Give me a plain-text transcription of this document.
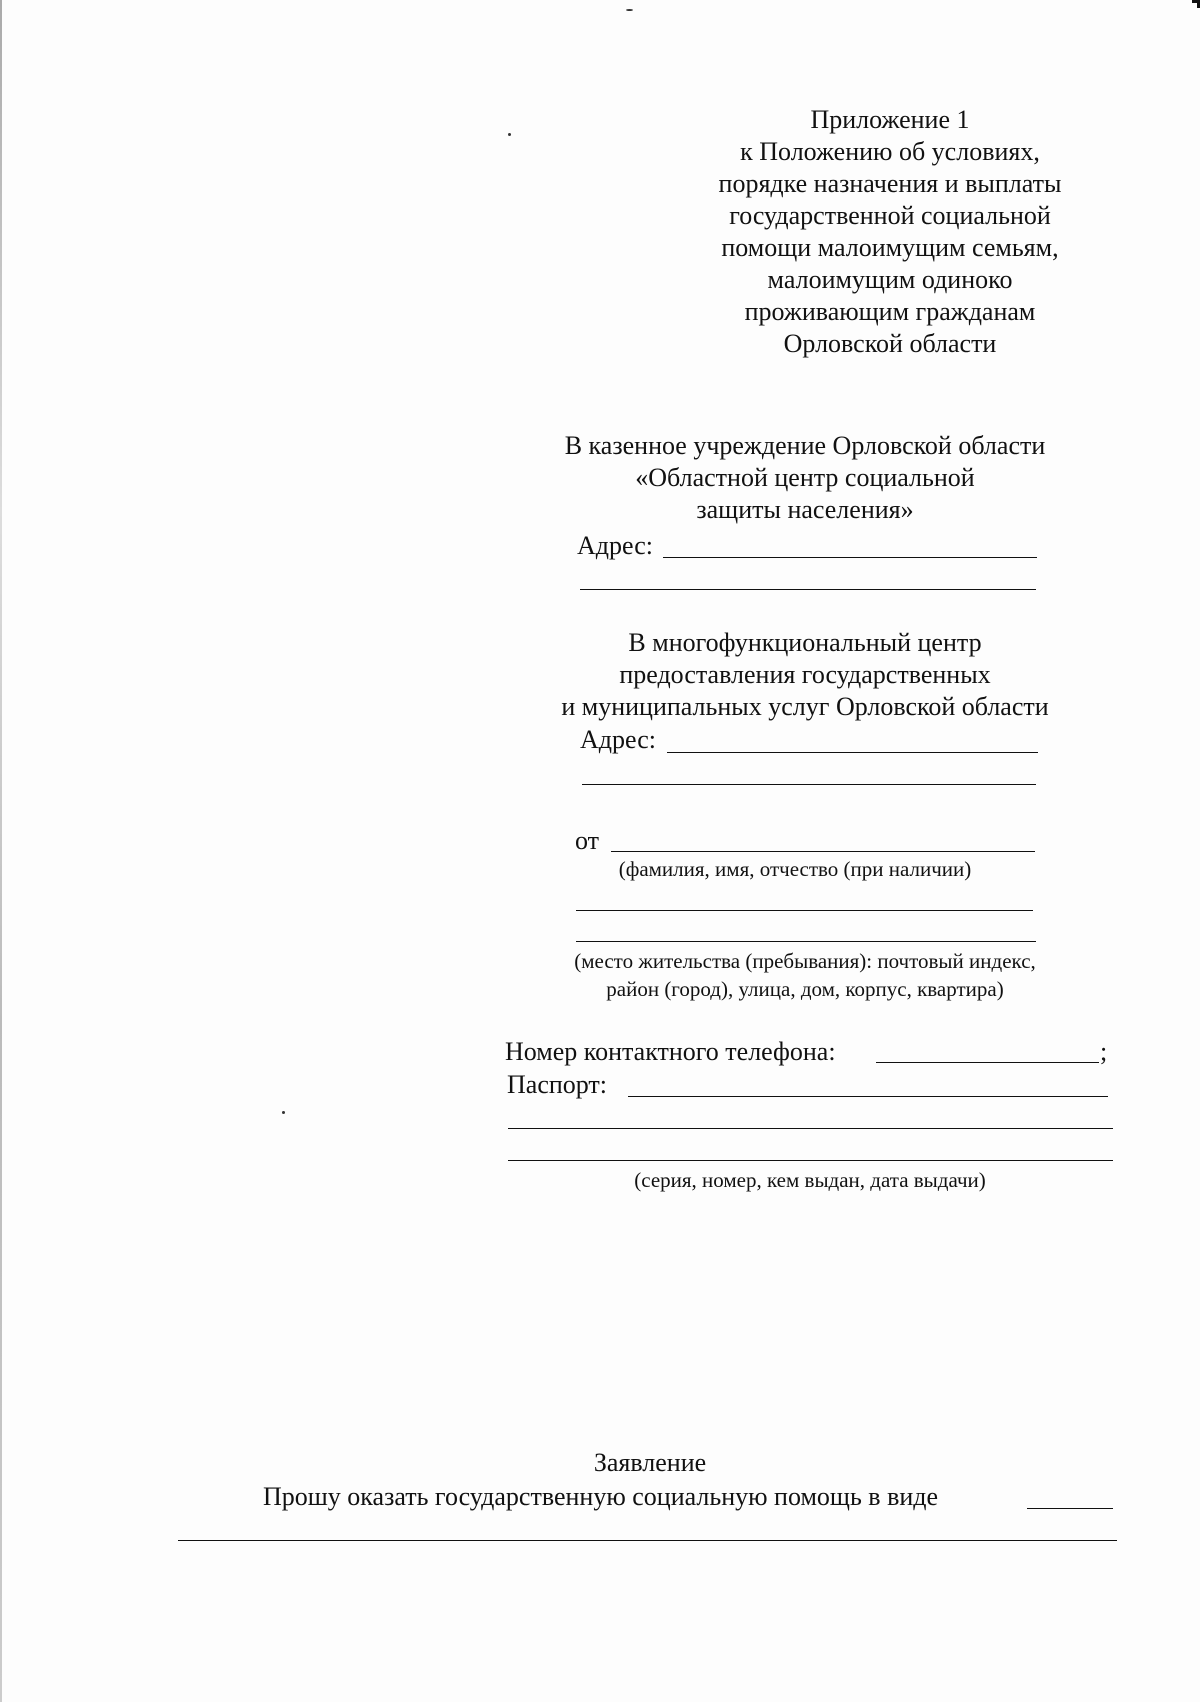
Приложение 1
к Положению об условиях,
порядке назначения и выплаты
государственной социальной
помощи малоимущим семьям,
малоимущим одиноко
проживающим гражданам
Орловской области
В казенное учреждение Орловской области
«Областной центр социальной
защиты населения»
Адрес:
В многофункциональный центр
предоставления государственных
и муниципальных услуг Орловской области
Адрес:
от
(фамилия, имя, отчество (при наличии)
(место жительства (пребывания): почтовый индекс,
район (город), улица, дом, корпус, квартира)
Номер контактного телефона:	;
Паспорт:
(серия, номер, кем выдан, дата выдачи)
Заявление
Прошу оказать государственную социальную помощь в виде
